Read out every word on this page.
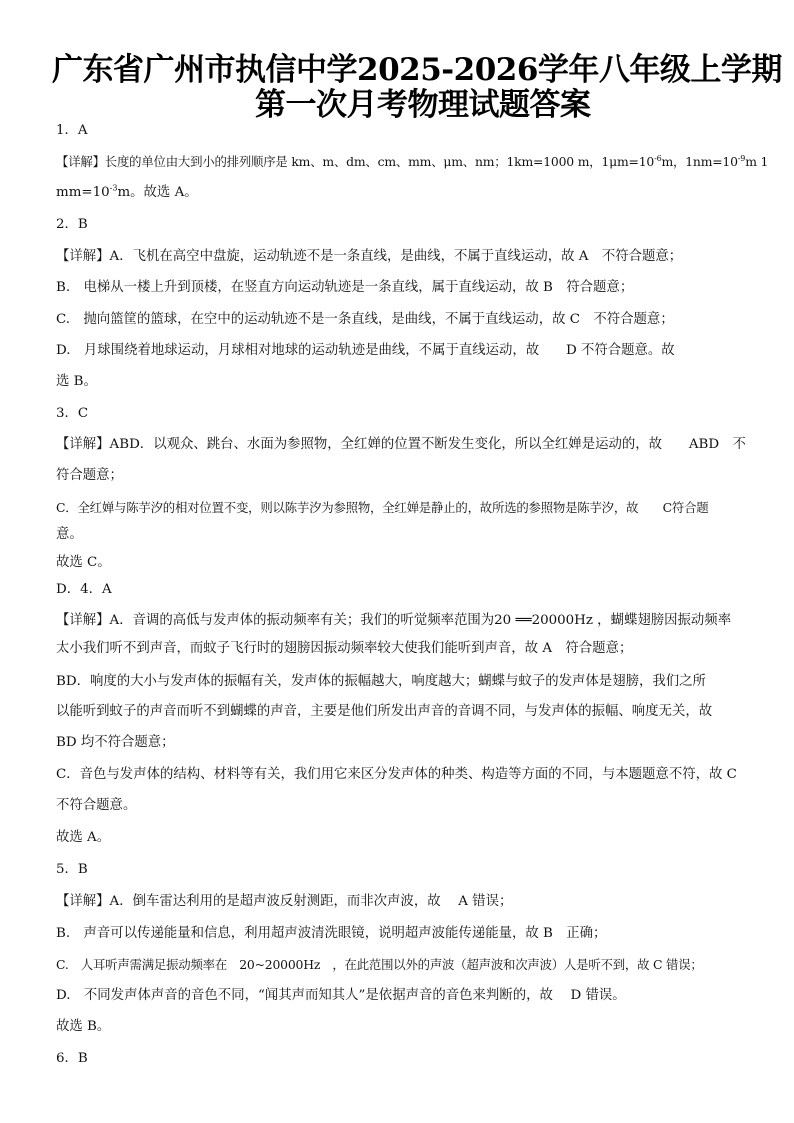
广东省广州市执信中学2025-2026学年八年级上学期
第一次月考物理试题答案
1．A
【详解】长度的单位由大到小的排列顺序是 km、m、dm、cm、mm、μm、nm；1km=1000 m，$1\mu m=10^{-6}m$，$1nm=10^{-9}m$ 1
$mm=10^{-3}m$。故选 A。
2．B
【详解】A．飞机在高空中盘旋，运动轨迹不是一条直线，是曲线，不属于直线运动，故 A　不符合题意；
B.　电梯从一楼上升到顶楼，在竖直方向运动轨迹是一条直线，属于直线运动，故 B　符合题意；
C.　抛向篮筐的篮球，在空中的运动轨迹不是一条直线，是曲线，不属于直线运动，故 C　不符合题意；
D.　月球围绕着地球运动，月球相对地球的运动轨迹是曲线，不属于直线运动，故　　D 不符合题意。故
选 B。
3．C
【详解】ABD．以观众、跳台、水面为参照物，全红婵的位置不断发生变化，所以全红婵是运动的，故　　ABD　不
符合题意；
C．全红婵与陈芋汐的相对位置不变，则以陈芋汐为参照物，全红婵是静止的，故所选的参照物是陈芋汐，故　　C符合题
意。
故选 C。
D．4．A
【详解】A．音调的高低与发声体的振动频率有关；我们的听觉频率范围为20 ══20000Hz ，蝴蝶翅膀因振动频率
太小我们听不到声音，而蚊子飞行时的翅膀因振动频率较大使我们能听到声音，故 A　符合题意；
BD．响度的大小与发声体的振幅有关，发声体的振幅越大，响度越大；蝴蝶与蚊子的发声体是翅膀，我们之所
以能听到蚊子的声音而听不到蝴蝶的声音，主要是他们所发出声音的音调不同，与发声体的振幅、响度无关，故
BD 均不符合题意；
C．音色与发声体的结构、材料等有关，我们用它来区分发声体的种类、构造等方面的不同，与本题题意不符，故 C
不符合题意。
故选 A。
5．B
【详解】A．倒车雷达利用的是超声波反射测距，而非次声波，故　 A 错误；
B.　声音可以传递能量和信息，利用超声波清洗眼镜，说明超声波能传递能量，故 B　正确；
C.　人耳听声需满足振动频率在　20~20000Hz　，在此范围以外的声波（超声波和次声波）人是听不到，故 C 错误；
D.　不同发声体声音的音色不同，“闻其声而知其人”是依据声音的音色来判断的，故　 D 错误。
故选 B。
6．B
